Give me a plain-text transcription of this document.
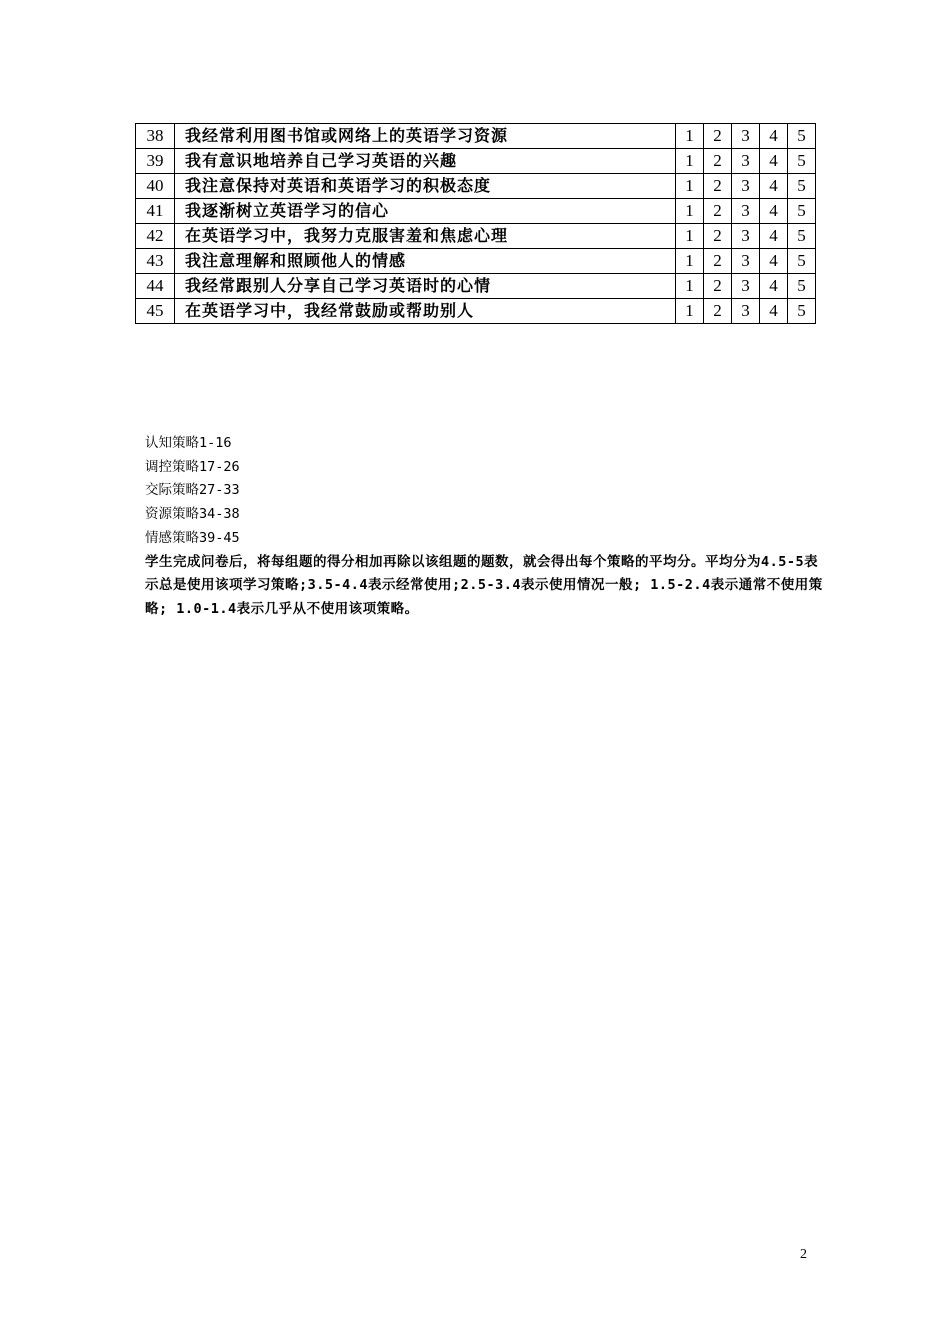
38	我经常利用图书馆或网络上的英语学习资源	1	2	3	4	5
39	我有意识地培养自己学习英语的兴趣	1	2	3	4	5
40	我注意保持对英语和英语学习的积极态度	1	2	3	4	5
41	我逐渐树立英语学习的信心	1	2	3	4	5
42	在英语学习中，我努力克服害羞和焦虑心理	1	2	3	4	5
43	我注意理解和照顾他人的情感	1	2	3	4	5
44	我经常跟别人分享自己学习英语时的心情	1	2	3	4	5
45	在英语学习中，我经常鼓励或帮助别人	1	2	3	4	5
认知策略1-16
调控策略17-26
交际策略27-33
资源策略34-38
情感策略39-45
学生完成问卷后，将每组题的得分相加再除以该组题的题数，就会得出每个策略的平均分。平均分为4.5-5表示总是使用该项学习策略;3.5-4.4表示经常使用;2.5-3.4表示使用情况一般; 1.5-2.4表示通常不使用策略; 1.0-1.4表示几乎从不使用该项策略。
2
